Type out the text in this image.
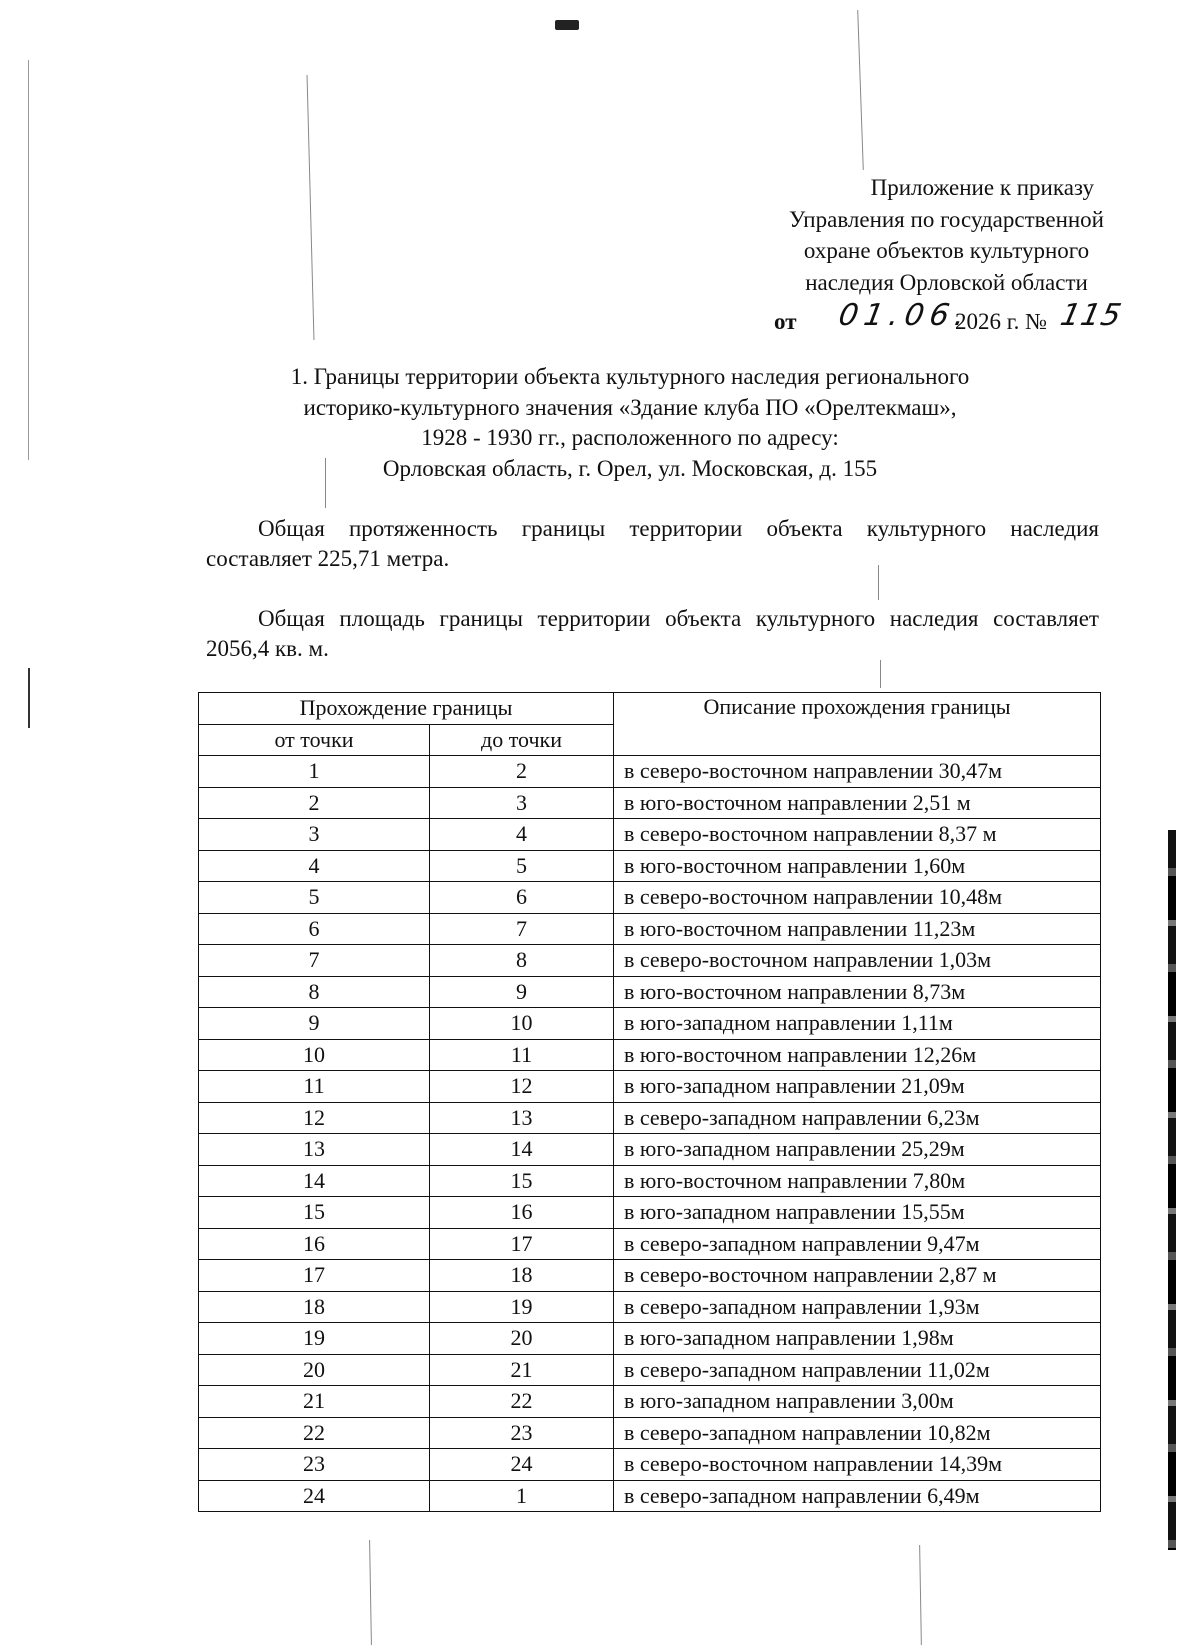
Приложение к приказу
Управления по государственной
охране объектов культурного
наследия Орловской области
от 01.06.
2026 г. № 115
1. Границы территории объекта культурного наследия регионального
историко-культурного значения «Здание клуба ПО «Орелтекмаш»,
1928 - 1930 гг., расположенного по адресу:
Орловская область, г. Орел, ул. Московская, д. 155
Общая протяженность границы территории объекта культурного наследия составляет 225,71 метра.
Общая площадь границы территории объекта культурного наследия составляет 2056,4 кв. м.
Прохождение границы		Описание прохождения границы
от точки	до точки	
1	2	в северо-восточном направлении 30,47м
2	3	в юго-восточном направлении 2,51 м
3	4	в северо-восточном направлении 8,37 м
4	5	в юго-восточном направлении 1,60м
5	6	в северо-восточном направлении 10,48м
6	7	в юго-восточном направлении 11,23м
7	8	в северо-восточном направлении 1,03м
8	9	в юго-восточном направлении 8,73м
9	10	в юго-западном направлении 1,11м
10	11	в юго-восточном направлении 12,26м
11	12	в юго-западном направлении 21,09м
12	13	в северо-западном направлении 6,23м
13	14	в юго-западном направлении 25,29м
14	15	в юго-восточном направлении 7,80м
15	16	в юго-западном направлении 15,55м
16	17	в северо-западном направлении 9,47м
17	18	в северо-восточном направлении 2,87 м
18	19	в северо-западном направлении 1,93м
19	20	в юго-западном направлении 1,98м
20	21	в северо-западном направлении 11,02м
21	22	в юго-западном направлении 3,00м
22	23	в северо-западном направлении 10,82м
23	24	в северо-восточном направлении 14,39м
24	1	в северо-западном направлении 6,49м
